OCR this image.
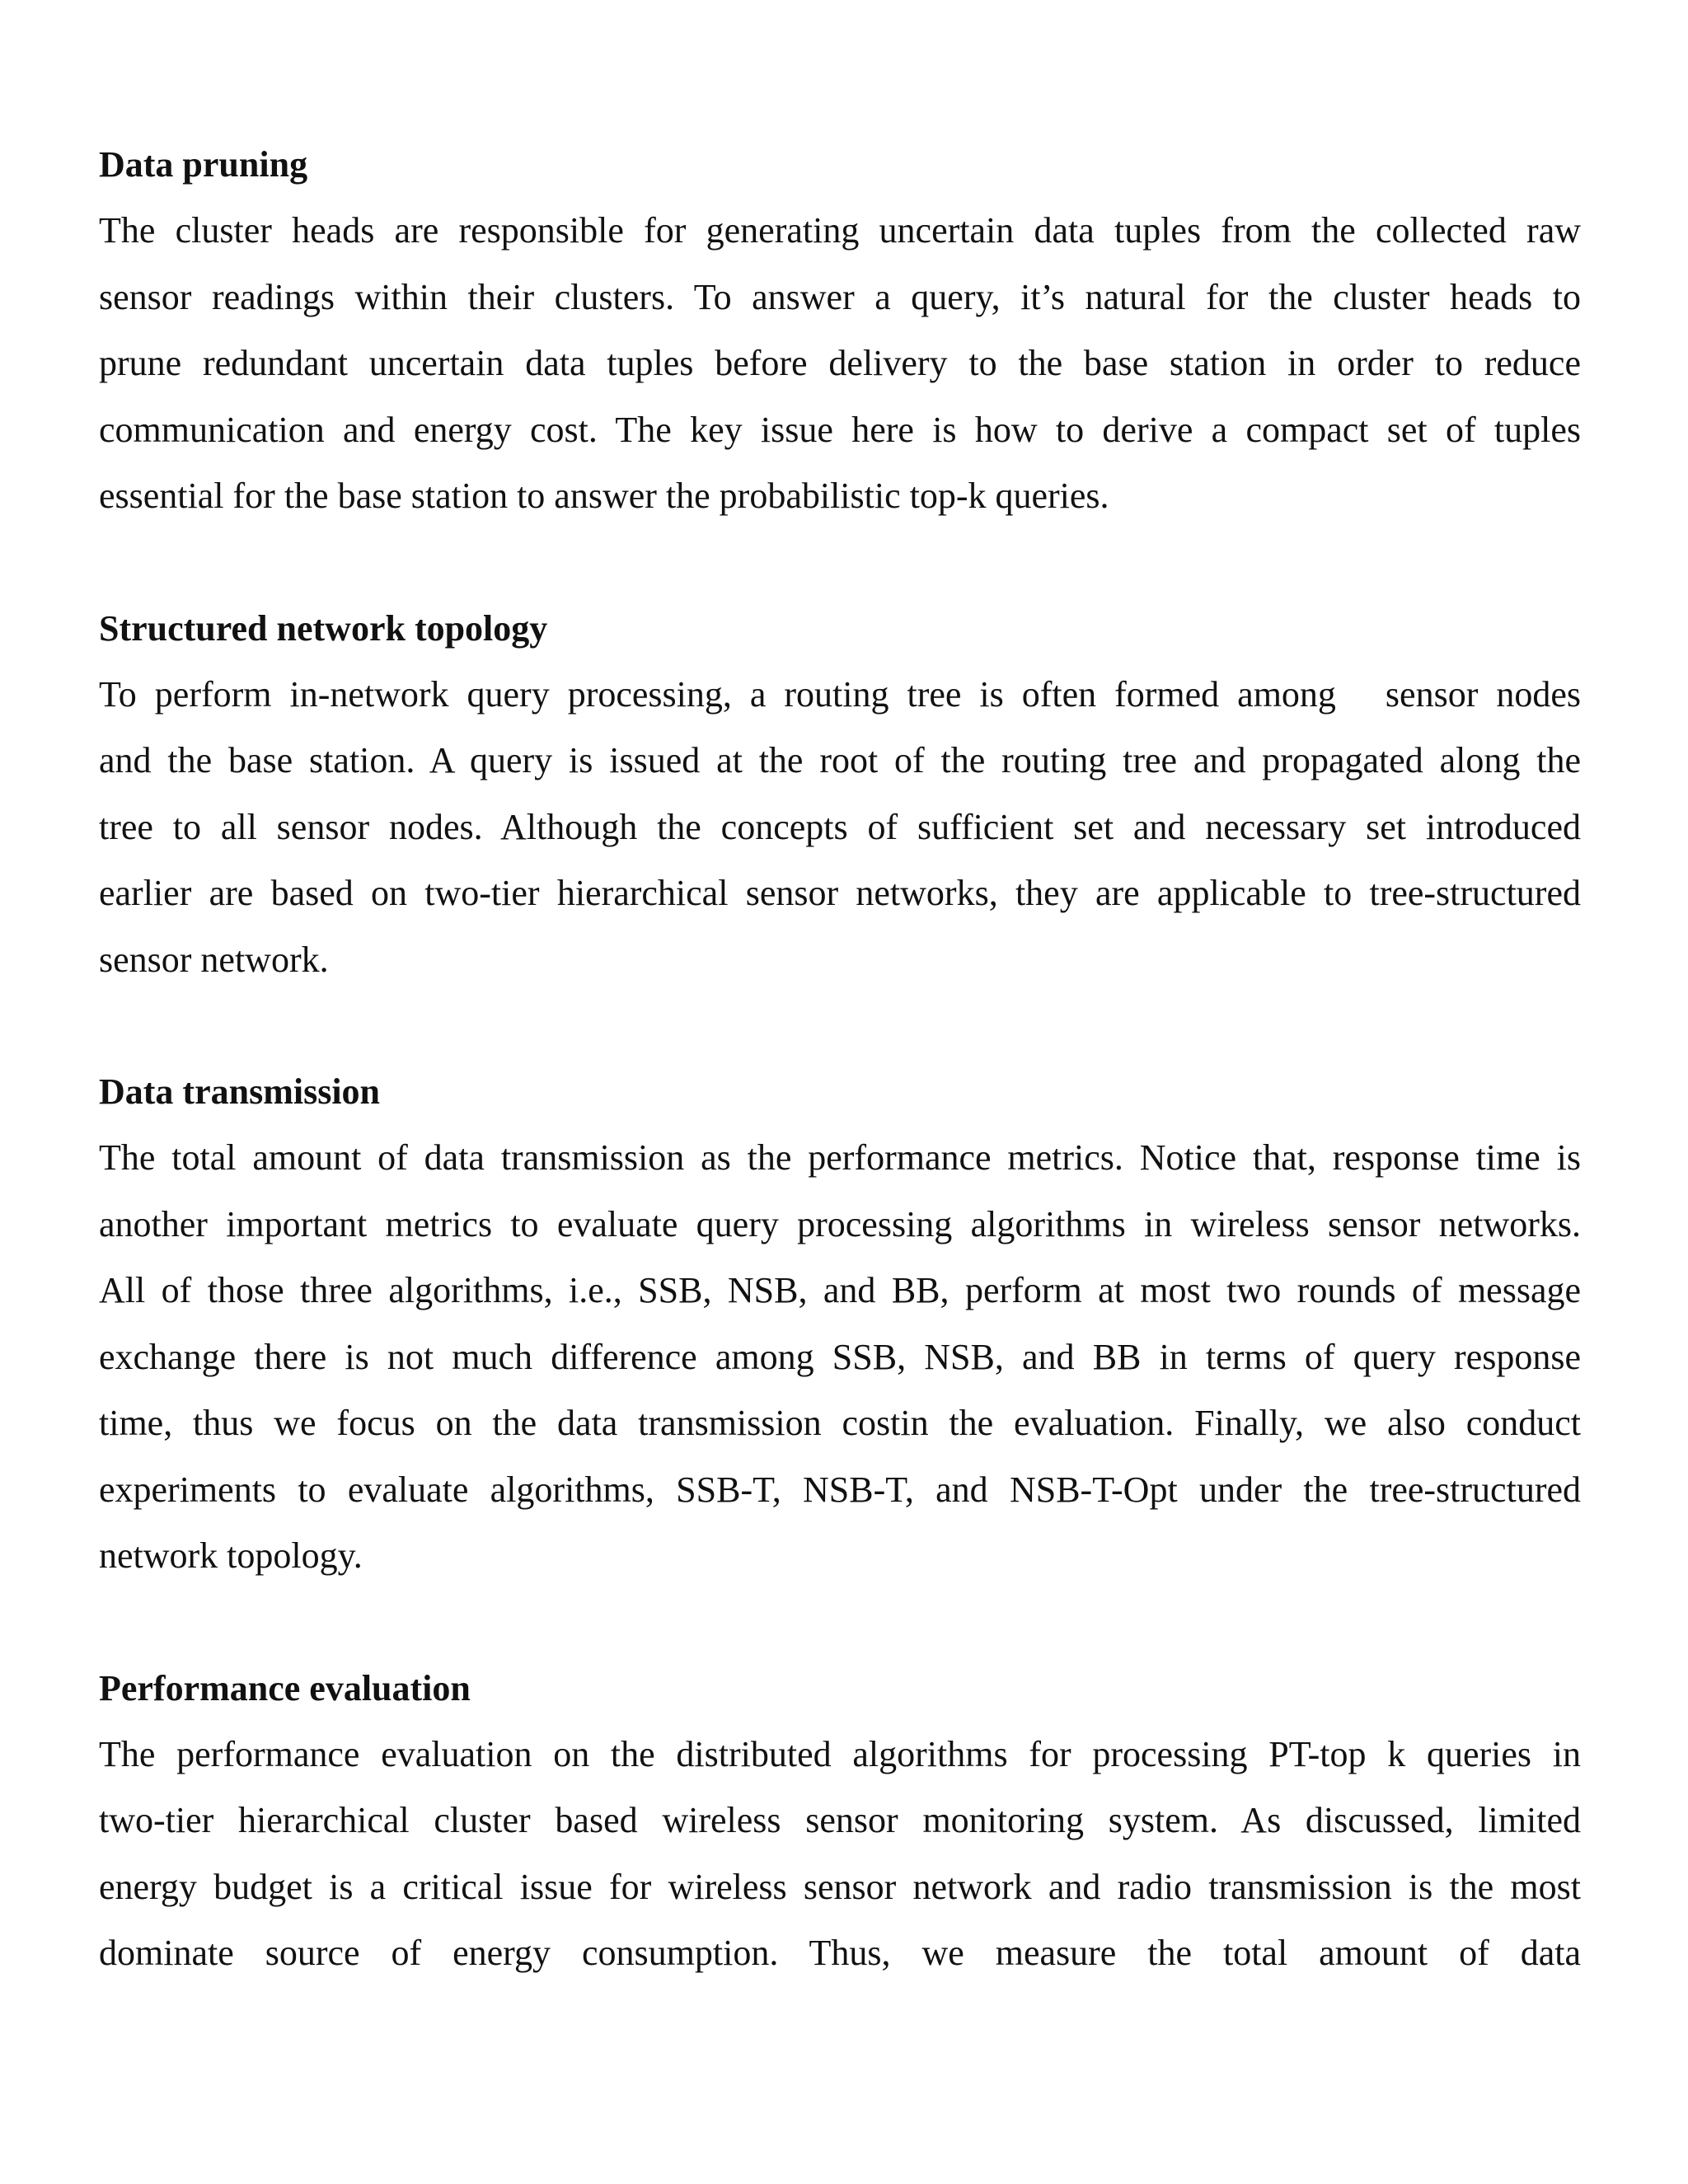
Data pruning
The cluster heads are responsible for generating uncertain data tuples from the collected raw
sensor readings within their clusters. To answer a query, it’s natural for the cluster heads to
prune redundant uncertain data tuples before delivery to the base station in order to reduce
communication and energy cost. The key issue here is how to derive a compact set of tuples
essential for the base station to answer the probabilistic top-k queries.
Structured network topology
To perform in-network query processing, a routing tree is often formed among sensor nodes
and the base station. A query is issued at the root of the routing tree and propagated along the
tree to all sensor nodes. Although the concepts of sufficient set and necessary set introduced
earlier are based on two-tier hierarchical sensor networks, they are applicable to tree-structured
sensor network.
Data transmission
The total amount of data transmission as the performance metrics. Notice that, response time is
another important metrics to evaluate query processing algorithms in wireless sensor networks.
All of those three algorithms, i.e., SSB, NSB, and BB, perform at most two rounds of message
exchange there is not much difference among SSB, NSB, and BB in terms of query response
time, thus we focus on the data transmission costin the evaluation. Finally, we also conduct
experiments to evaluate algorithms, SSB-T, NSB-T, and NSB-T-Opt under the tree-structured
network topology.
Performance evaluation
The performance evaluation on the distributed algorithms for processing PT-top k queries in
two-tier hierarchical cluster based wireless sensor monitoring system. As discussed, limited
energy budget is a critical issue for wireless sensor network and radio transmission is the most
dominate source of energy consumption. Thus, we measure the total amount of data
